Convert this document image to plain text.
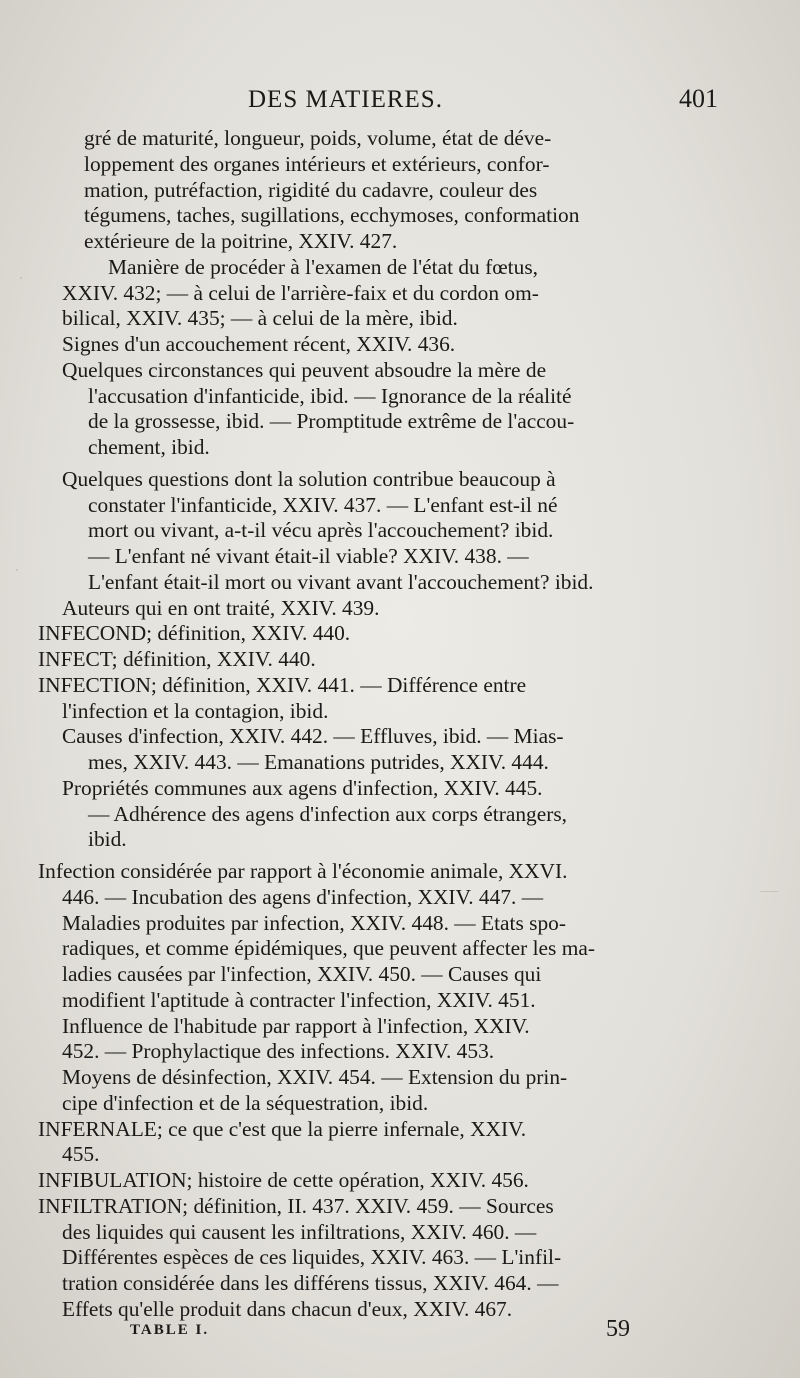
·
·
—
DES MATIERES.	401
gré de maturité, longueur, poids, volume, état de déve-
loppement des organes intérieurs et extérieurs, confor-
mation, putréfaction, rigidité du cadavre, couleur des
tégumens, taches, sugillations, ecchymoses, conformation
extérieure de la poitrine, XXIV. 427.
Manière de procéder à l'examen de l'état du fœtus,
XXIV. 432; — à celui de l'arrière-faix et du cordon om-
bilical, XXIV. 435; — à celui de la mère, ibid.
Signes d'un accouchement récent, XXIV. 436.
Quelques circonstances qui peuvent absoudre la mère de
l'accusation d'infanticide, ibid. — Ignorance de la réalité
de la grossesse, ibid. — Promptitude extrême de l'accou-
chement, ibid.
Quelques questions dont la solution contribue beaucoup à
constater l'infanticide, XXIV. 437. — L'enfant est-il né
mort ou vivant, a-t-il vécu après l'accouchement? ibid.
— L'enfant né vivant était-il viable? XXIV. 438. —
L'enfant était-il mort ou vivant avant l'accouchement? ibid.
Auteurs qui en ont traité, XXIV. 439.
INFECOND; définition, XXIV. 440.
INFECT; définition, XXIV. 440.
INFECTION; définition, XXIV. 441. — Différence entre
l'infection et la contagion, ibid.
Causes d'infection, XXIV. 442. — Effluves, ibid. — Mias-
mes, XXIV. 443. — Emanations putrides, XXIV. 444.
Propriétés communes aux agens d'infection, XXIV. 445.
— Adhérence des agens d'infection aux corps étrangers,
ibid.
Infection considérée par rapport à l'économie animale, XXVI.
446. — Incubation des agens d'infection, XXIV. 447. —
Maladies produites par infection, XXIV. 448. — Etats spo-
radiques, et comme épidémiques, que peuvent affecter les ma-
ladies causées par l'infection, XXIV. 450. — Causes qui
modifient l'aptitude à contracter l'infection, XXIV. 451.
Influence de l'habitude par rapport à l'infection, XXIV.
452. — Prophylactique des infections. XXIV. 453.
Moyens de désinfection, XXIV. 454. — Extension du prin-
cipe d'infection et de la séquestration, ibid.
INFERNALE; ce que c'est que la pierre infernale, XXIV.
455.
INFIBULATION; histoire de cette opération, XXIV. 456.
INFILTRATION; définition, II. 437. XXIV. 459. — Sources
des liquides qui causent les infiltrations, XXIV. 460. —
Différentes espèces de ces liquides, XXIV. 463. — L'infil-
tration considérée dans les différens tissus, XXIV. 464. —
Effets qu'elle produit dans chacun d'eux, XXIV. 467.
TABLE I.	59
